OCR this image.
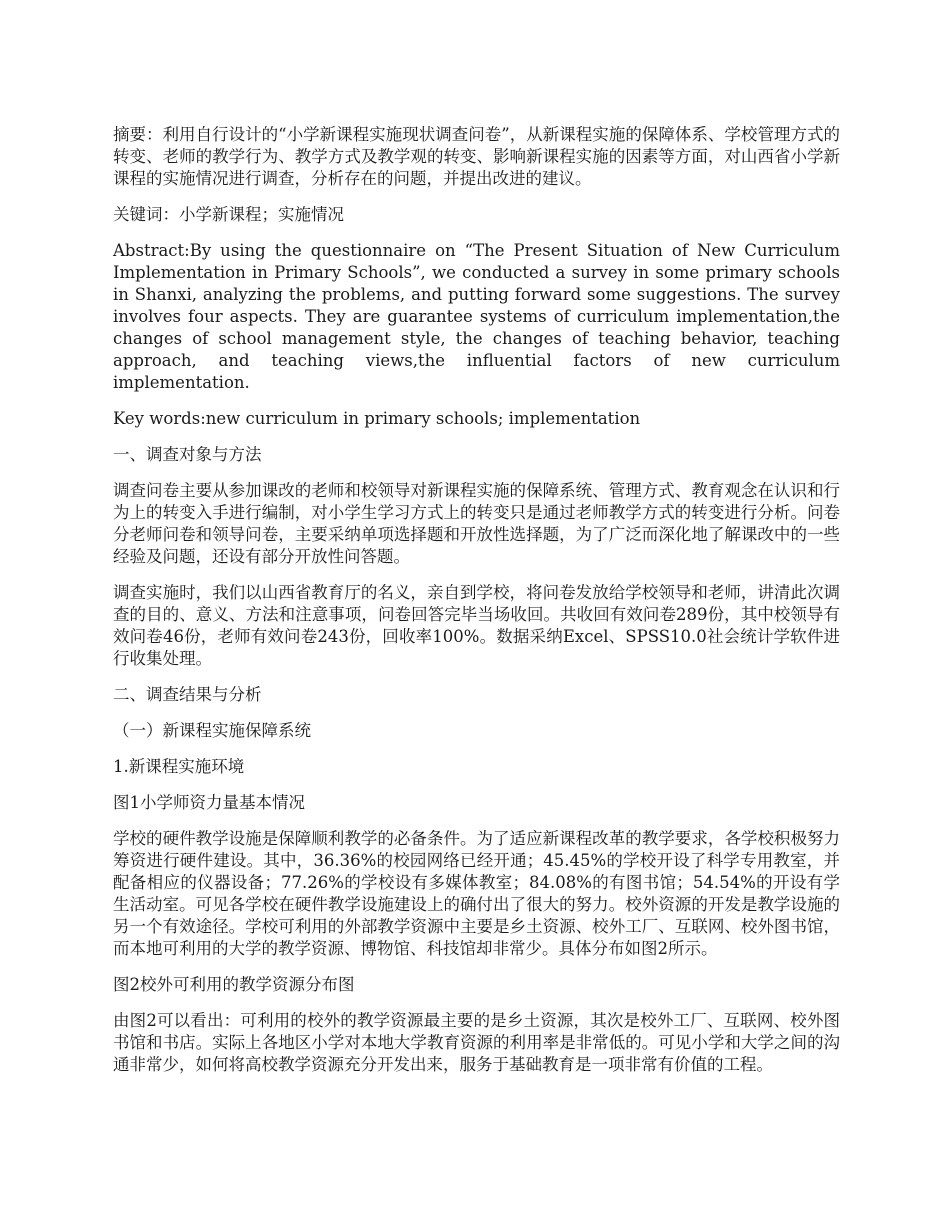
摘要：利用自行设计的“小学新课程实施现状调查问卷”，从新课程实施的保障体系、学校管理方式的转变、老师的教学行为、教学方式及教学观的转变、影响新课程实施的因素等方面，对山西省小学新课程的实施情况进行调查，分析存在的问题，并提出改进的建议。

关键词：小学新课程；实施情况

Abstract:By using the questionnaire on “The Present Situation of New Curriculum Implementation in Primary Schools”, we conducted a survey in some primary schools in Shanxi, analyzing the problems, and putting forward some suggestions. The survey involves four aspects. They are guarantee systems of curriculum implementation,the changes of school management style, the changes of teaching behavior, teaching approach, and teaching views,the influential factors of new curriculum implementation.

Key words:new curriculum in primary schools; implementation

一、调查对象与方法

调查问卷主要从参加课改的老师和校领导对新课程实施的保障系统、管理方式、教育观念在认识和行为上的转变入手进行编制，对小学生学习方式上的转变只是通过老师教学方式的转变进行分析。问卷分老师问卷和领导问卷，主要采纳单项选择题和开放性选择题，为了广泛而深化地了解课改中的一些经验及问题，还设有部分开放性问答题。

调查实施时，我们以山西省教育厅的名义，亲自到学校，将问卷发放给学校领导和老师，讲清此次调查的目的、意义、方法和注意事项，问卷回答完毕当场收回。共收回有效问卷289份，其中校领导有效问卷46份，老师有效问卷243份，回收率100%。数据采纳Excel、SPSS10.0社会统计学软件进行收集处理。

二、调查结果与分析

（一）新课程实施保障系统

1.新课程实施环境

图1小学师资力量基本情况

学校的硬件教学设施是保障顺利教学的必备条件。为了适应新课程改革的教学要求，各学校积极努力筹资进行硬件建设。其中，36.36%的校园网络已经开通；45.45%的学校开设了科学专用教室，并配备相应的仪器设备；77.26%的学校设有多媒体教室；84.08%的有图书馆；54.54%的开设有学生活动室。可见各学校在硬件教学设施建设上的确付出了很大的努力。校外资源的开发是教学设施的另一个有效途径。学校可利用的外部教学资源中主要是乡土资源、校外工厂、互联网、校外图书馆，而本地可利用的大学的教学资源、博物馆、科技馆却非常少。具体分布如图2所示。

图2校外可利用的教学资源分布图

由图2可以看出：可利用的校外的教学资源最主要的是乡土资源，其次是校外工厂、互联网、校外图书馆和书店。实际上各地区小学对本地大学教育资源的利用率是非常低的。可见小学和大学之间的沟通非常少，如何将高校教学资源充分开发出来，服务于基础教育是一项非常有价值的工程。
